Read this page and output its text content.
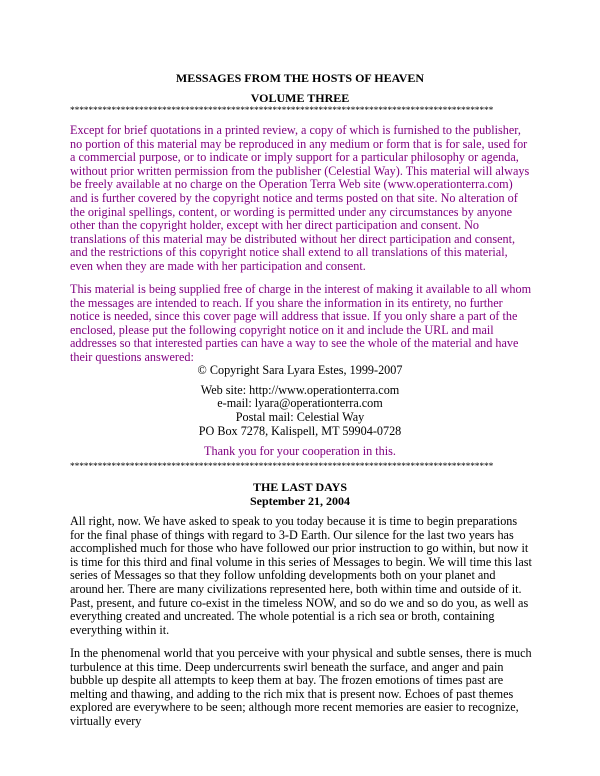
MESSAGES FROM THE HOSTS OF HEAVEN
VOLUME THREE
********************************************************************************************
Except for brief quotations in a printed review, a copy of which is furnished to the publisher, no portion of this material may be reproduced in any medium or form that is for sale, used for a commercial purpose, or to indicate or imply support for a particular philosophy or agenda, without prior written permission from the publisher (Celestial Way). This material will always be freely available at no charge on the Operation Terra Web site (www.operationterra.com) and is further covered by the copyright notice and terms posted on that site. No alteration of the original spellings, content, or wording is permitted under any circumstances by anyone other than the copyright holder, except with her direct participation and consent. No translations of this material may be distributed without her direct participation and consent, and the restrictions of this copyright notice shall extend to all translations of this material, even when they are made with her participation and consent.
This material is being supplied free of charge in the interest of making it available to all whom the messages are intended to reach. If you share the information in its entirety, no further notice is needed, since this cover page will address that issue. If you only share a part of the enclosed, please put the following copyright notice on it and include the URL and mail addresses so that interested parties can have a way to see the whole of the material and have their questions answered:
© Copyright Sara Lyara Estes, 1999-2007
Web site: http://www.operationterra.com
e-mail: lyara@operationterra.com
Postal mail: Celestial Way
PO Box 7278, Kalispell, MT 59904-0728
Thank you for your cooperation in this.
********************************************************************************************
THE LAST DAYS
September 21, 2004
All right, now. We have asked to speak to you today because it is time to begin preparations for the final phase of things with regard to 3-D Earth. Our silence for the last two years has accomplished much for those who have followed our prior instruction to go within, but now it is time for this third and final volume in this series of Messages to begin. We will time this last series of Messages so that they follow unfolding developments both on your planet and around her. There are many civilizations represented here, both within time and outside of it. Past, present, and future co-exist in the timeless NOW, and so do we and so do you, as well as everything created and uncreated. The whole potential is a rich sea or broth, containing everything within it.
In the phenomenal world that you perceive with your physical and subtle senses, there is much turbulence at this time. Deep undercurrents swirl beneath the surface, and anger and pain bubble up despite all attempts to keep them at bay. The frozen emotions of times past are melting and thawing, and adding to the rich mix that is present now. Echoes of past themes explored are everywhere to be seen; although more recent memories are easier to recognize, virtually every
